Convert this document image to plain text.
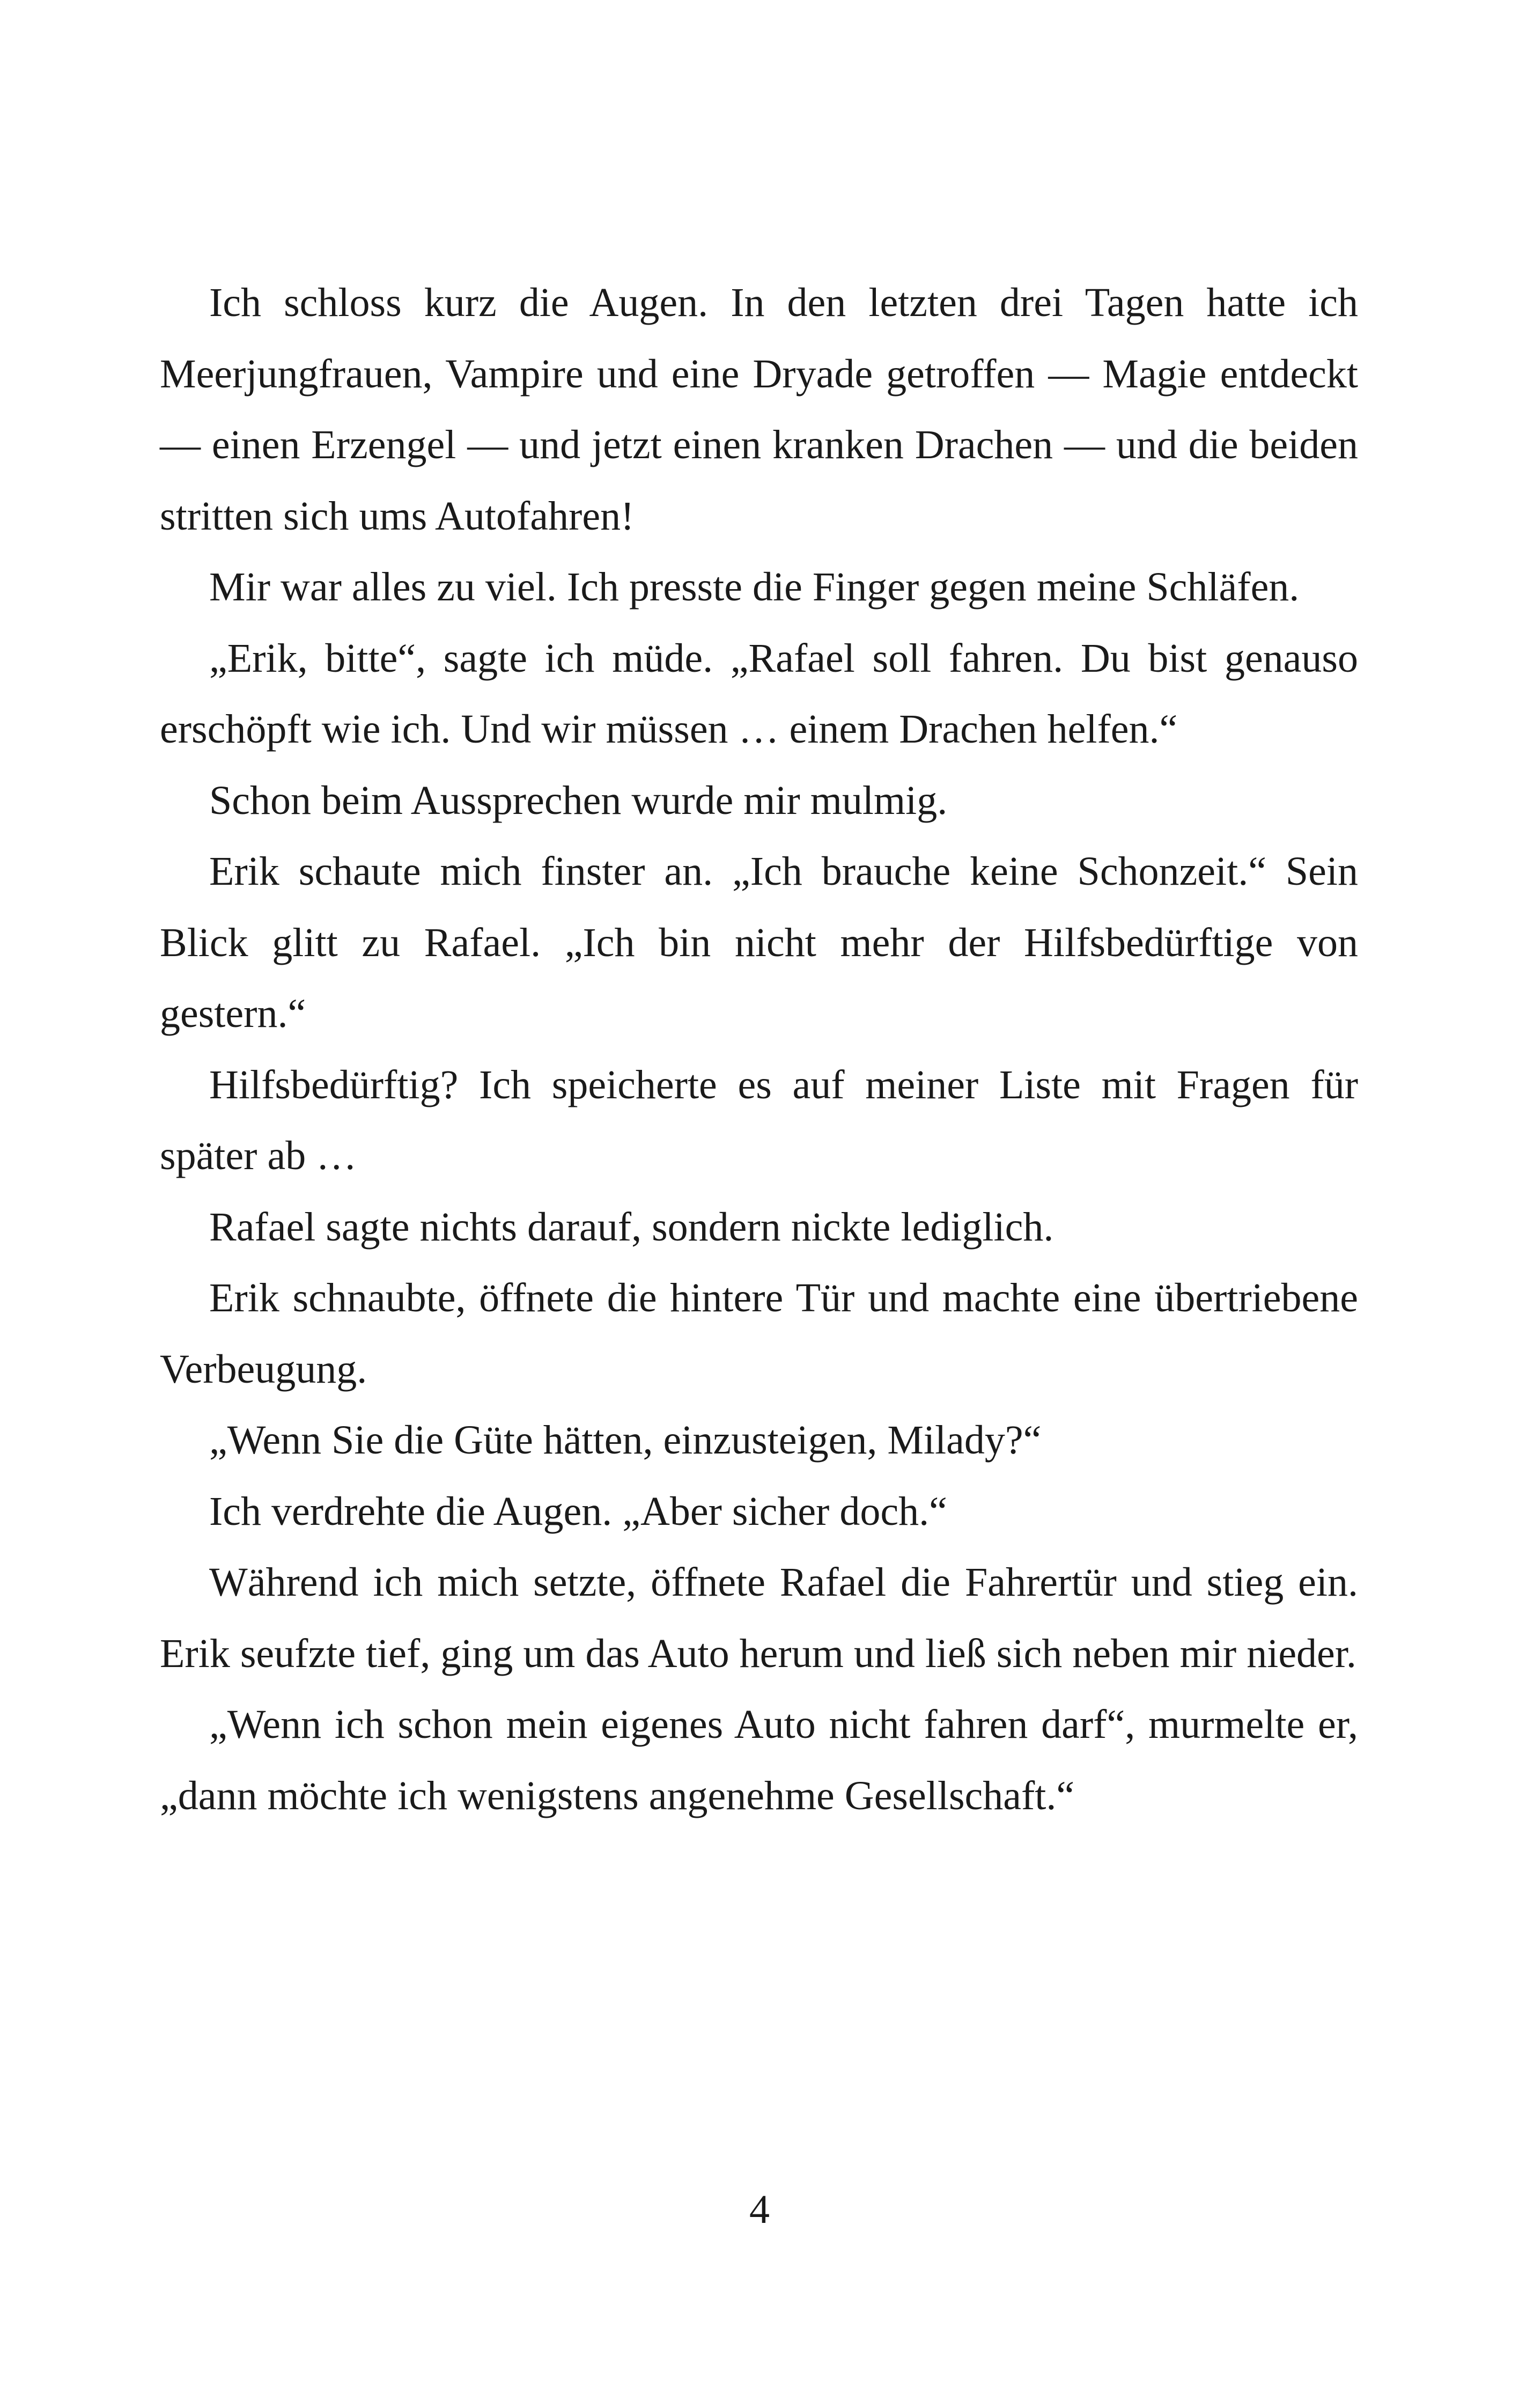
Ich schloss kurz die Augen. In den letzten drei Tagen hatte ich Meerjungfrauen, Vampire und eine Dryade getroffen — Magie entdeckt — einen Erzengel — und jetzt einen kranken Drachen — und die beiden stritten sich ums Autofahren!

Mir war alles zu viel. Ich presste die Finger gegen meine Schläfen.

„Erik, bitte“, sagte ich müde. „Rafael soll fahren. Du bist genauso erschöpft wie ich. Und wir müssen … einem Drachen helfen.“

Schon beim Aussprechen wurde mir mulmig.

Erik schaute mich finster an. „Ich brauche keine Schonzeit.“ Sein Blick glitt zu Rafael. „Ich bin nicht mehr der Hilfsbedürftige von gestern.“

Hilfsbedürftig? Ich speicherte es auf meiner Liste mit Fragen für später ab …

Rafael sagte nichts darauf, sondern nickte lediglich.

Erik schnaubte, öffnete die hintere Tür und machte eine übertriebene Verbeugung.

„Wenn Sie die Güte hätten, einzusteigen, Milady?“

Ich verdrehte die Augen. „Aber sicher doch.“

Während ich mich setzte, öffnete Rafael die Fahrertür und stieg ein. Erik seufzte tief, ging um das Auto herum und ließ sich neben mir nieder.

„Wenn ich schon mein eigenes Auto nicht fahren darf“, murmelte er, „dann möchte ich wenigstens angenehme Gesellschaft.“

4
